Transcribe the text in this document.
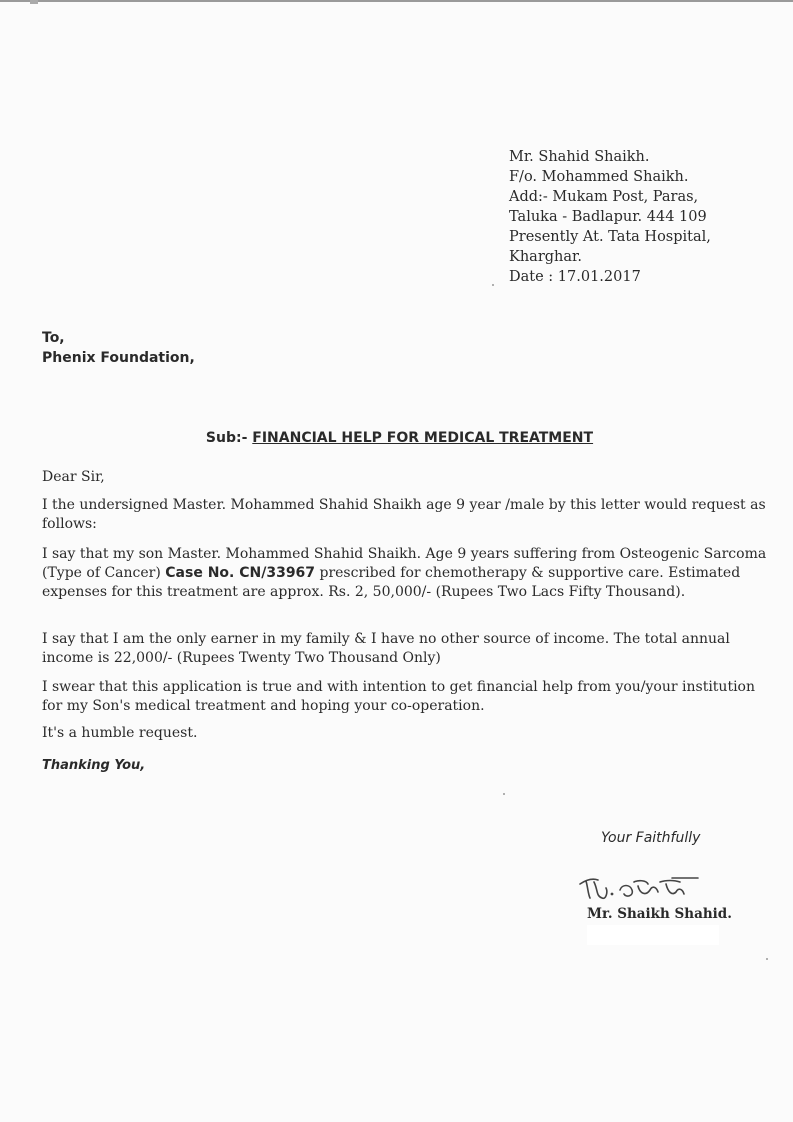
Mr. Shahid Shaikh.
F/o. Mohammed Shaikh.
Add:- Mukam Post, Paras,
Taluka - Badlapur. 444 109
Presently At. Tata Hospital,
Kharghar.
Date : 17.01.2017
To,
Phenix Foundation,
Sub:- FINANCIAL HELP FOR MEDICAL TREATMENT
Dear Sir,
I the undersigned Master. Mohammed Shahid Shaikh age 9 year /male by this letter would request as follows:
I say that my son Master. Mohammed Shahid Shaikh. Age 9 years suffering from Osteogenic Sarcoma (Type of Cancer) Case No. CN/33967 prescribed for chemotherapy & supportive care. Estimated expenses for this treatment are approx. Rs. 2, 50,000/- (Rupees Two Lacs Fifty Thousand).
I say that I am the only earner in my family & I have no other source of income. The total annual income is 22,000/- (Rupees Twenty Two Thousand Only)
I swear that this application is true and with intention to get financial help from you/your institution for my Son's medical treatment and hoping your co-operation.
It's a humble request.
Thanking You,
Your Faithfully
Mr. Shaikh Shahid.
